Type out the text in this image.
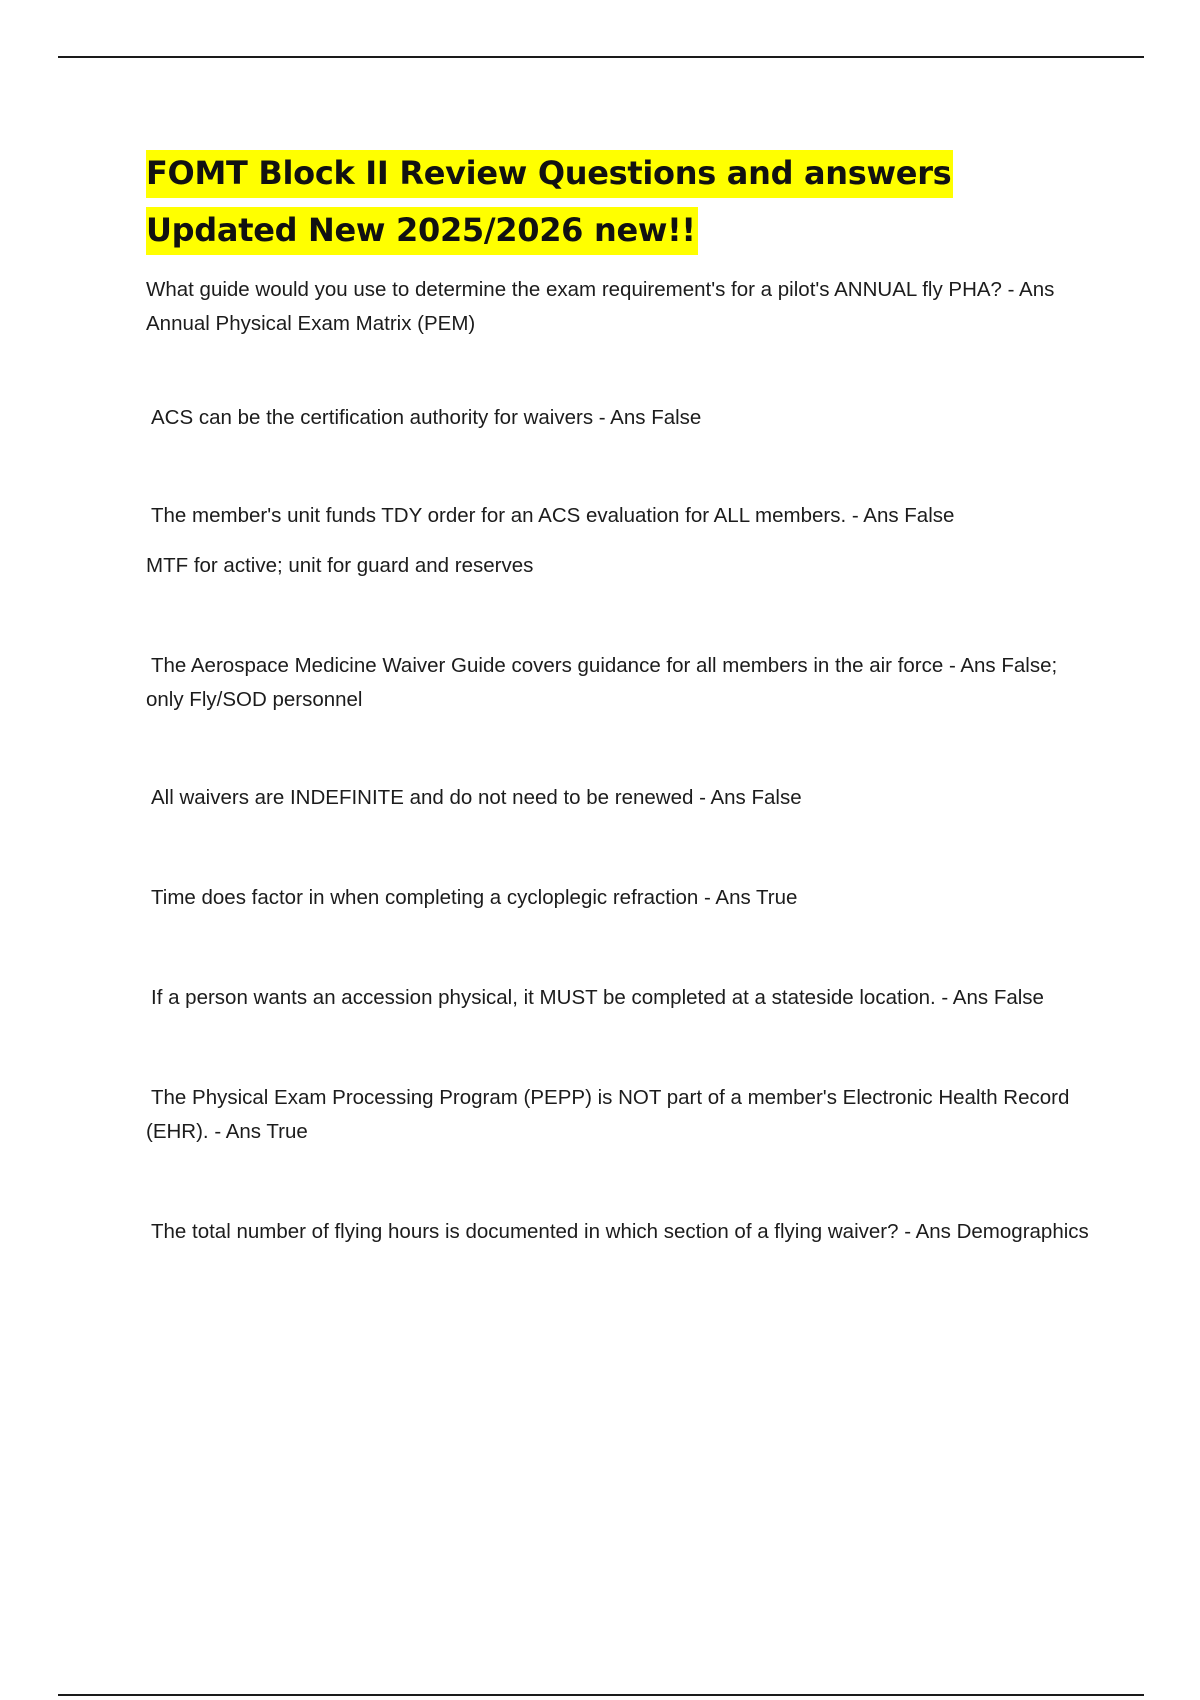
FOMT Block II Review Questions and answers Updated New 2025/2026 new!!

What guide would you use to determine the exam requirement's for a pilot's ANNUAL fly PHA? - Ans Annual Physical Exam Matrix (PEM)

ACS can be the certification authority for waivers - Ans False

The member's unit funds TDY order for an ACS evaluation for ALL members. - Ans False

MTF for active; unit for guard and reserves

The Aerospace Medicine Waiver Guide covers guidance for all members in the air force - Ans False; only Fly/SOD personnel

All waivers are INDEFINITE and do not need to be renewed - Ans False

Time does factor in when completing a cycloplegic refraction - Ans True

If a person wants an accession physical, it MUST be completed at a stateside location. - Ans False

The Physical Exam Processing Program (PEPP) is NOT part of a member's Electronic Health Record (EHR). - Ans True

The total number of flying hours is documented in which section of a flying waiver? - Ans Demographics
